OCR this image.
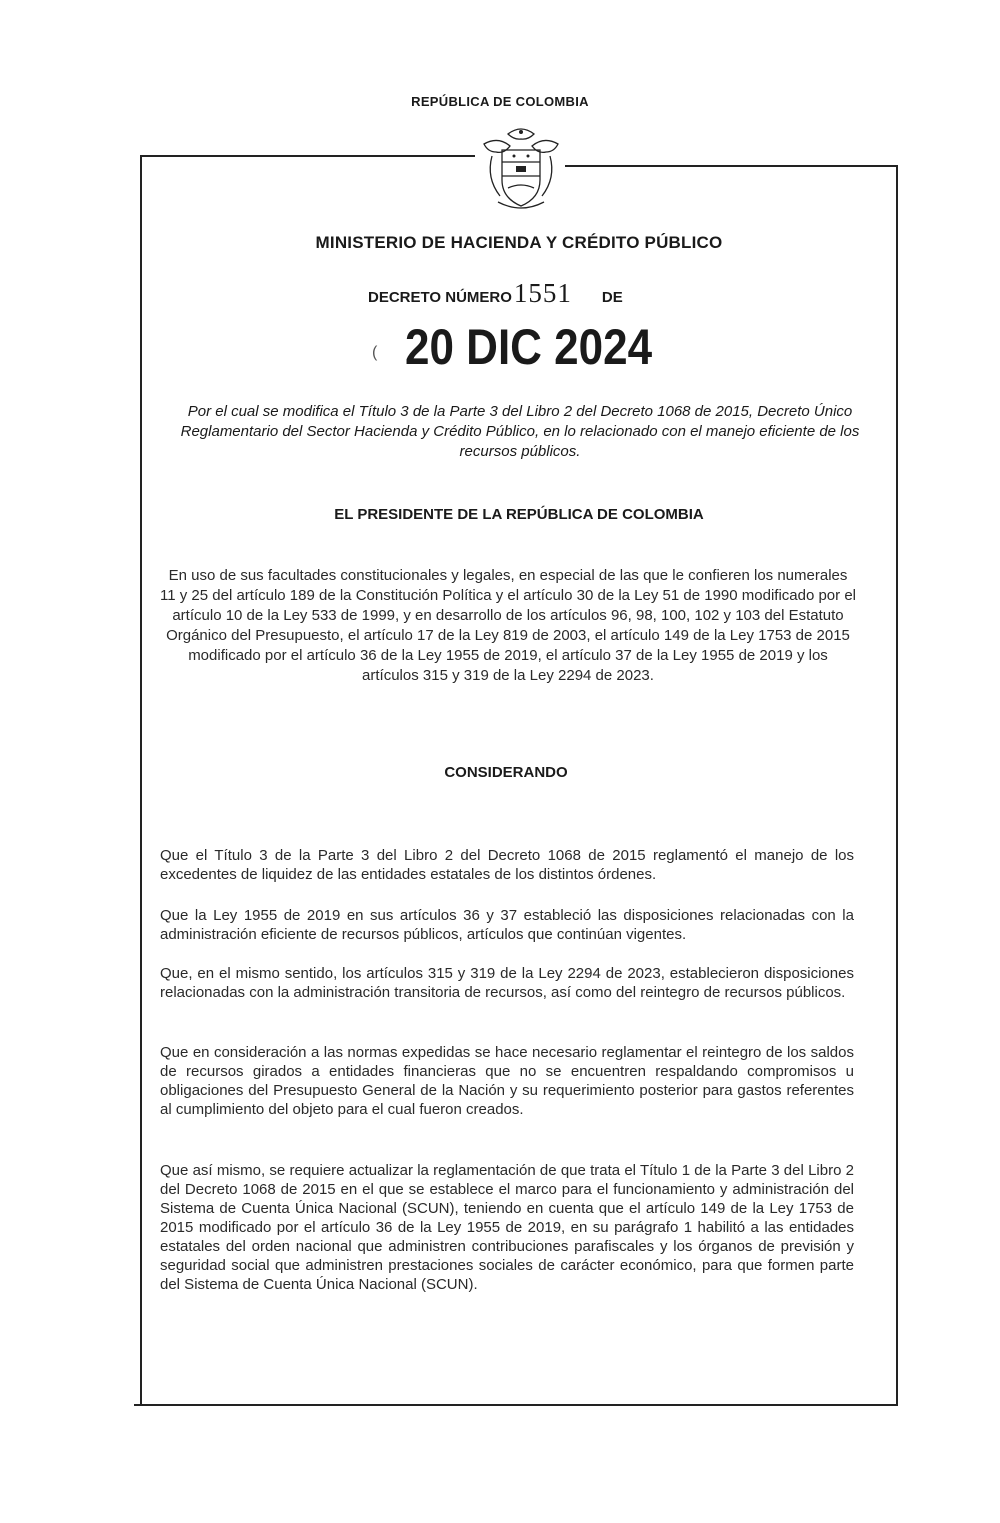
REPÚBLICA DE COLOMBIA
MINISTERIO DE HACIENDA Y CRÉDITO PÚBLICO
DECRETO NÚMERO1551 DE
( 20 DIC 2024
Por el cual se modifica el Título 3 de la Parte 3 del Libro 2 del Decreto 1068 de 2015, Decreto Único Reglamentario del Sector Hacienda y Crédito Público, en lo relacionado con el manejo eficiente de los recursos públicos.
EL PRESIDENTE DE LA REPÚBLICA DE COLOMBIA
En uso de sus facultades constitucionales y legales, en especial de las que le confieren los numerales 11 y 25 del artículo 189 de la Constitución Política y el artículo 30 de la Ley 51 de 1990 modificado por el artículo 10 de la Ley 533 de 1999, y en desarrollo de los artículos 96, 98, 100, 102 y 103 del Estatuto Orgánico del Presupuesto, el artículo 17 de la Ley 819 de 2003, el artículo 149 de la Ley 1753 de 2015 modificado por el artículo 36 de la Ley 1955 de 2019, el artículo 37 de la Ley 1955 de 2019 y los artículos 315 y 319 de la Ley 2294 de 2023.
CONSIDERANDO

Que el Título 3 de la Parte 3 del Libro 2 del Decreto 1068 de 2015 reglamentó el manejo de los excedentes de liquidez de las entidades estatales de los distintos órdenes.

Que la Ley 1955 de 2019 en sus artículos 36 y 37 estableció las disposiciones relacionadas con la administración eficiente de recursos públicos, artículos que continúan vigentes.

Que, en el mismo sentido, los artículos 315 y 319 de la Ley 2294 de 2023, establecieron disposiciones relacionadas con la administración transitoria de recursos, así como del reintegro de recursos públicos.

Que en consideración a las normas expedidas se hace necesario reglamentar el reintegro de los saldos de recursos girados a entidades financieras que no se encuentren respaldando compromisos u obligaciones del Presupuesto General de la Nación y su requerimiento posterior para gastos referentes al cumplimiento del objeto para el cual fueron creados.

Que así mismo, se requiere actualizar la reglamentación de que trata el Título 1 de la Parte 3 del Libro 2 del Decreto 1068 de 2015 en el que se establece el marco para el funcionamiento y administración del Sistema de Cuenta Única Nacional (SCUN), teniendo en cuenta que el artículo 149 de la Ley 1753 de 2015 modificado por el artículo 36 de la Ley 1955 de 2019, en su parágrafo 1 habilitó a las entidades estatales del orden nacional que administren contribuciones parafiscales y los órganos de previsión y seguridad social que administren prestaciones sociales de carácter económico, para que formen parte del Sistema de Cuenta Única Nacional (SCUN).
